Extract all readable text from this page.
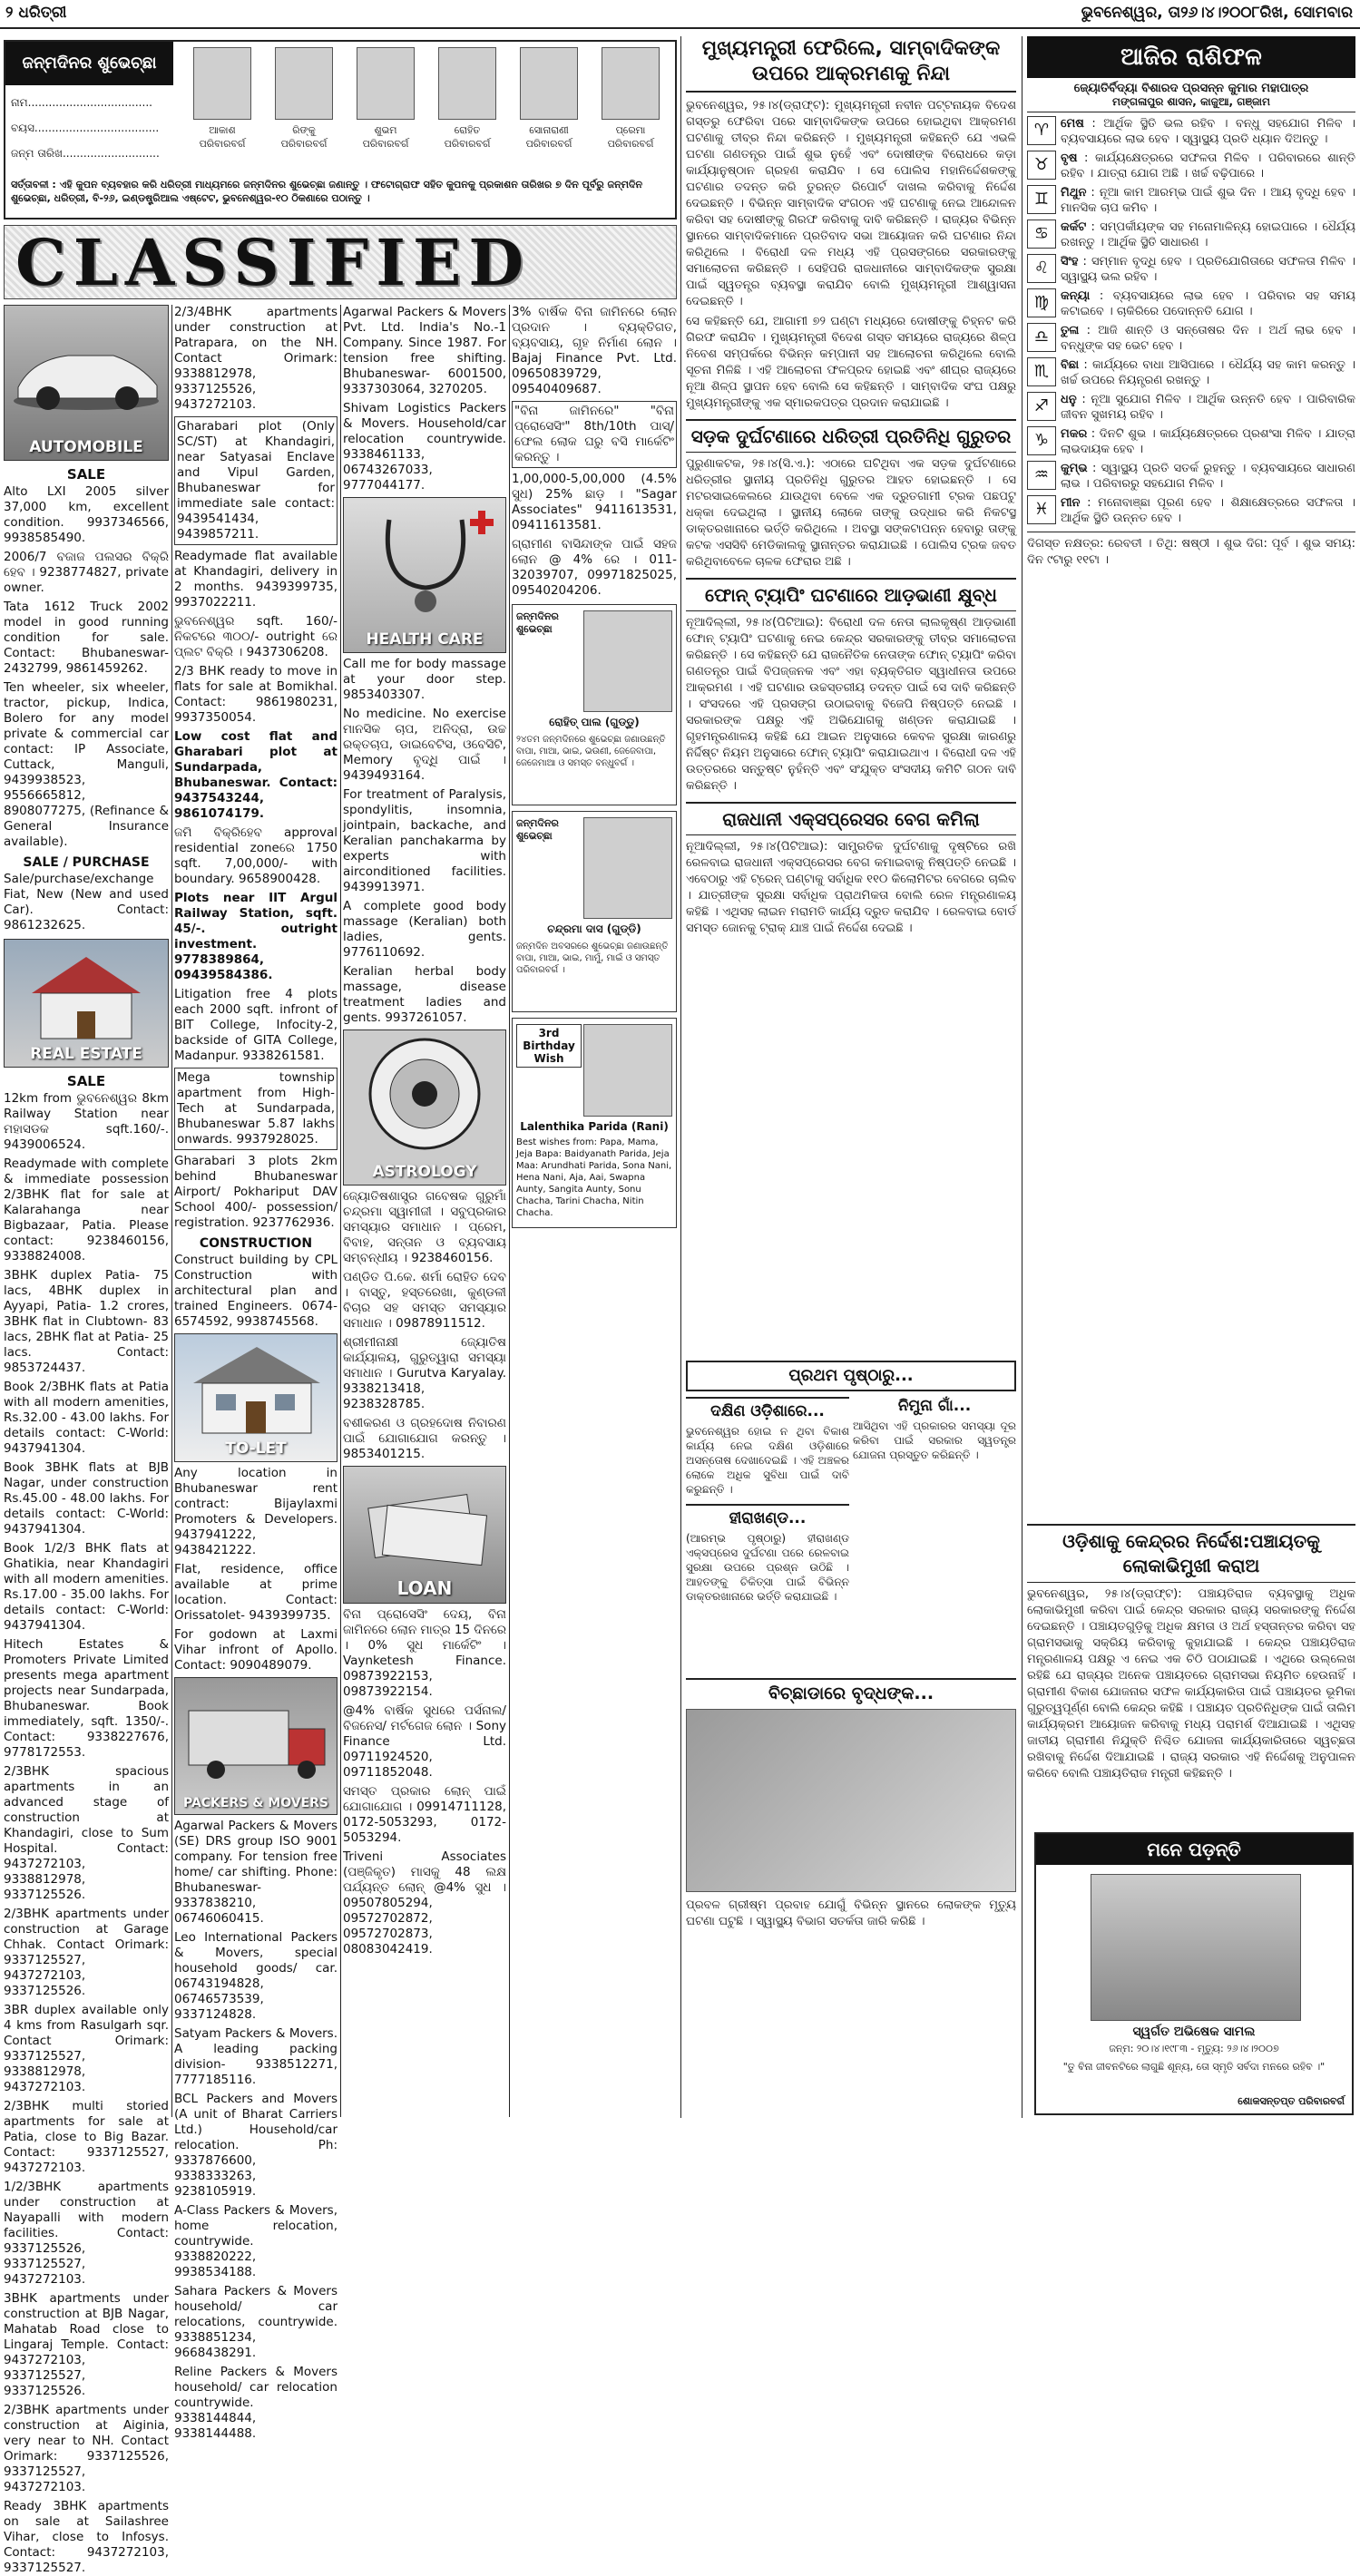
୨ ଧରିତ୍ରୀ	ଭୁବନେଶ୍ୱର, ତା୨୬।୪।୨୦୦୮ରିଖ, ସୋମବାର
ଜନ୍ମଦିନର ଶୁଭେଚ୍ଛା
ନାମ....................................
ବୟସ....................................
ଜନ୍ମ ତାରିଖ............................
ଆକାଶ
ପରିବାରବର୍ଗ
ରିଙ୍କୁ
ପରିବାରବର୍ଗ
ଶୁଭମ
ପରିବାରବର୍ଗ
ରୋହିତ
ପରିବାରବର୍ଗ
ସୋନାରାଣୀ
ପରିବାରବର୍ଗ
ପ୍ରେମା
ପରିବାରବର୍ଗ
ସର୍ତ୍ତାବଳୀ : ଏହି କୁପନ ବ୍ୟବହାର କରି ଧରିତ୍ରୀ ମାଧ୍ୟମରେ ଜନ୍ମଦିନର ଶୁଭେଚ୍ଛା ଜଣାନ୍ତୁ । ଫଟୋଗ୍ରାଫ ସହିତ କୁପନକୁ ପ୍ରକାଶନ ତାରିଖର ୭ ଦିନ ପୂର୍ବରୁ ଜନ୍ମଦିନ ଶୁଭେଚ୍ଛା, ଧରିତ୍ରୀ, ବି-୨୬, ଇଣ୍ଡଷ୍ଟ୍ରିଆଲ ଏଷ୍ଟେଟ, ଭୁବନେଶ୍ୱର-୧୦ ଠିକଣାରେ ପଠାନ୍ତୁ ।
CLASSIFIED
AUTOMOBILE
SALE
Alto LXI 2005 silver 37,000 km, excellent condition. 9937346566, 9938585490.
2006/7 ବଜାଜ ପଲସର ବିକ୍ରି ହେବ । 9238774827, private owner.
Tata 1612 Truck 2002 model in good running condition for sale. Contact: Bhubaneswar-2432799, 9861459262.
Ten wheeler, six wheeler, tractor, pickup, Indica, Bolero for any model private & commercial car contact: IP Associate, Cuttack, Manguli, 9439938523, 9556665812, 8908077275, (Refinance & General Insurance available).
SALE / PURCHASE
Sale/purchase/exchange Fiat, New (New and used Car). Contact: 9861232625.
REAL ESTATE
SALE
12km from ଭୁବନେଶ୍ୱର 8km Railway Station near ମହାସଡକ sqft.160/-. 9439006524.
Readymade with complete & immediate possession 2/3BHK flat for sale at Kalarahanga near Bigbazaar, Patia. Please contact: 9238460156, 9338824008.
3BHK duplex Patia- 75 lacs, 4BHK duplex in Ayyapi, Patia- 1.2 crores, 3BHK flat in Clubtown- 83 lacs, 2BHK flat at Patia- 25 lacs. Contact: 9853724437.
Book 2/3BHK flats at Patia with all modern amenities, Rs.32.00 - 43.00 lakhs. For details contact: C-World: 9437941304.
Book 3BHK flats at BJB Nagar, under construction Rs.45.00 - 48.00 lakhs. For details contact: C-World: 9437941304.
Book 1/2/3 BHK flats at Ghatikia, near Khandagiri with all modern amenities. Rs.17.00 - 35.00 lakhs. For details contact: C-World: 9437941304.
Hitech Estates & Promoters Private Limited presents mega apartment projects near Sundarpada, Bhubaneswar. Book immediately, sqft. 1350/-. Contact: 9338227676, 9778172553.
2/3BHK spacious apartments in an advanced stage of construction at Khandagiri, close to Sum Hospital. Contact: 9437272103, 9338812978, 9337125526.
2/3BHK apartments under construction at Garage Chhak. Contact Orimark: 9337125527, 9437272103, 9337125526.
3BR duplex available only 4 kms from Rasulgarh sqr. Contact Orimark: 9337125527, 9338812978, 9437272103.
2/3BHK multi storied apartments for sale at Patia, close to Big Bazar. Contact: 9337125527, 9437272103.
1/2/3BHK apartments under construction at Nayapalli with modern facilities. Contact: 9337125526, 9337125527, 9437272103.
3BHK apartments under construction at BJB Nagar, Mahatab Road close to Lingaraj Temple. Contact: 9437272103, 9337125527, 9337125526.
2/3BHK apartments under construction at Aiginia, very near to NH. Contact Orimark: 9337125526, 9337125527, 9437272103.
Ready 3BHK apartments on sale at Sailashree Vihar, close to Infosys. Contact: 9437272103, 9337125527.
2/3/4BHK apartments under construction at Patrapara, on the NH. Contact Orimark: 9338812978, 9337125526, 9437272103.
Gharabari plot (Only SC/ST) at Khandagiri, near Satyasai Enclave and Vipul Garden, Bhubaneswar for immediate sale contact: 9439541434, 9439857211.
Readymade flat available at Khandagiri, delivery in 2 months. 9439399735, 9937022211.
ଭୁବନେଶ୍ୱର sqft. 160/- ନିକଟରେ ୩୦୦/- outright ରେ ପ୍ଲଟ ବିକ୍ରି । 9437306208.
2/3 BHK ready to move in flats for sale at Bomikhal. Contact: 9861980231, 9937350054.
Low cost flat and Gharabari plot at Sundarpada, Bhubaneswar. Contact: 9437543244, 9861074179.
ଜମି ବିକ୍ରିହେବ approval residential zoneରେ 1750 sqft. 7,00,000/- with boundary. 9658900428.
Plots near IIT Argul Railway Station, sqft. 45/-. outright investment. 9778389864, 09439584386.
Litigation free 4 plots each 2000 sqft. infront of BIT College, Infocity-2, backside of GITA College, Madanpur. 9338261581.
Mega township apartment from High-Tech at Sundarpada, Bhubaneswar 5.87 lakhs onwards. 9937928025.
Gharabari 3 plots 2km behind Bhubaneswar Airport/ Pokhariput DAV School 400/- possession/ registration. 9237762936.
CONSTRUCTION
Construct building by CPL Construction with architectural plan and trained Engineers. 0674-6574592, 9938745568.
TO-LET
Any location in Bhubaneswar rent contract: Bijaylaxmi Promoters & Developers. 9437941222, 9438421222.
Flat, residence, office available at prime location. Contact: Orissatolet- 9439399735.
For godown at Laxmi Vihar infront of Apollo. Contact: 9090489079.
PACKERS & MOVERS
Agarwal Packers & Movers (SE) DRS group ISO 9001 company. For tension free home/ car shifting. Phone: Bhubaneswar- 9337838210, 06746060415.
Leo International Packers & Movers, special household goods/ car. 06743194828, 06746573539, 9337124828.
Satyam Packers & Movers. A leading packing division- 9338512271, 7777185116.
BCL Packers and Movers (A unit of Bharat Carriers Ltd.) Household/car relocation. Ph: 9337876600, 9338333263, 9238105919.
A-Class Packers & Movers, home relocation, countrywide. 9338820222, 9938534188.
Sahara Packers & Movers household/ car relocations, countrywide. 9338851234, 9668438291.
Reline Packers & Movers household/ car relocation countrywide. 9338144844, 9338144488.
Agarwal Packers & Movers Pvt. Ltd. India's No.-1 Company. Since 1987. For tension free shifting. Bhubaneswar- 6001500, 9337303064, 3270205.
Shivam Logistics Packers & Movers. Household/car relocation countrywide. 9338461133, 06743267033, 9777044177.
HEALTH CARE
Call me for body massage at your door step. 9853403307.
No medicine. No exercise ମାନସିକ ଚାପ, ଅନିଦ୍ରା, ଉଚ୍ଚ ରକ୍ତଚାପ, ଡାଇବେଟିସ, ଓବେସିଟି, Memory ବୃଦ୍ଧି ପାଇଁ । 9439493164.
For treatment of Paralysis, spondylitis, insomnia, jointpain, backache, and Keralian panchakarma by experts with airconditioned facilities. 9439913971.
A complete good body massage (Keralian) both ladies, gents. 9776110692.
Keralian herbal body massage, disease treatment ladies and gents. 9937261057.
ASTROLOGY
ଜ୍ୟୋତିଷଶାସ୍ତ୍ର ଗବେଷକ ଗୁରୁମାଁ ଚନ୍ଦ୍ରମା ସ୍ୱାମୀଜୀ । ସବୁପ୍ରକାର ସମସ୍ୟାର ସମାଧାନ । ପ୍ରେମ, ବିବାହ, ସନ୍ତାନ ଓ ବ୍ୟବସାୟ ସମ୍ବନ୍ଧୀୟ । 9238460156.
ପଣ୍ଡିତ ପି.କେ. ଶର୍ମା ରୋହିତ ଦେବ । ବାସ୍ତୁ, ହସ୍ତରେଖା, କୁଣ୍ଡଳୀ ବିଚାର ସହ ସମସ୍ତ ସମସ୍ୟାର ସମାଧାନ । 09878911512.
ଶ୍ରୀମୀନାକ୍ଷୀ ଜ୍ୟୋତିଷ କାର୍ଯ୍ୟାଳୟ, ଗୁରୁତ୍ୱାରା ସମସ୍ୟା ସମାଧାନ । Gurutva Karyalay. 9338213418, 9238328785.
ବଶୀକରଣ ଓ ଗ୍ରହଦୋଷ ନିବାରଣ ପାଇଁ ଯୋଗାଯୋଗ କରନ୍ତୁ । 9853401215.
LOAN
ବିନା ପ୍ରୋସେସିଂ ଦେୟ, ବିନା ଜାମିନରେ ଲୋନ ମାତ୍ର 15 ଦିନରେ । 0% ସୁଧ ମାର୍କେଟିଂ । Vaynketesh Finance. 09873922153, 09873922154.
@4% ବାର୍ଷିକ ସୁଧରେ ପର୍ସନାଲ/ ବିଜନେସ/ ମର୍ଟଗେଜ ଲୋନ । Sony Finance Ltd. 09711924520, 09711852048.
ସମସ୍ତ ପ୍ରକାର ଲୋନ୍ ପାଇଁ ଯୋଗାଯୋଗ । 09914711128, 0172-5053293, 0172-5053294.
Triveni Associates (ପଞ୍ଜିକୃତ) ମାସକୁ 48 ଲକ୍ଷ ପର୍ଯ୍ୟନ୍ତ ଲୋନ୍ @4% ସୁଧ । 09507805294, 09572702872, 09572702873, 08083042419.
3% ବାର୍ଷିକ ବିନା ଜାମିନରେ ଲୋନ ପ୍ରଦାନ । ବ୍ୟକ୍ତିଗତ, ବ୍ୟବସାୟ, ଗୃହ ନିର୍ମାଣ ଲୋନ । Bajaj Finance Pvt. Ltd. 09650839729, 09540409687.
"ବିନା ଜାମିନରେ" "ବିନା ପ୍ରୋସେସିଂ" 8th/10th ପାସ୍/ ଫେଲ ଲୋକ ଘରୁ ବସି ମାର୍କେଟିଂ କରନ୍ତୁ ।
1,00,000-5,00,000 (4.5% ସୁଧ) 25% ଛାଡ଼ । "Sagar Associates" 9411613531, 09411613581.
ଗ୍ରାମୀଣ ବାସିନ୍ଦାଙ୍କ ପାଇଁ ସହଜ ଲୋନ @ 4% ରେ । 011-32039707, 09971825025, 09540204206.
ଜନ୍ମଦିନର ଶୁଭେଚ୍ଛା
ରୋହିତ୍ ପାଲ (ଗୁଡ୍ଡୁ)
୨୪ତମ ଜନ୍ମଦିନରେ ଶୁଭେଚ୍ଛା ଜଣାଉଛନ୍ତି ବାପା, ମାଆ, ଭାଇ, ଭଉଣୀ, ଜେଜେବାପା, ଜେଜେମାଆ ଓ ସମସ୍ତ ବନ୍ଧୁବର୍ଗ ।
ଜନ୍ମଦିନର ଶୁଭେଚ୍ଛା
ଚନ୍ଦ୍ରମା ଦାସ (ଗୁଡ୍ଡି)
ଜନ୍ମଦିନ ଅବସରରେ ଶୁଭେଚ୍ଛା ଜଣାଉଛନ୍ତି ବାପା, ମାଆ, ଭାଇ, ମାମୁଁ, ମାଇଁ ଓ ସମସ୍ତ ପରିବାରବର୍ଗ ।
3rd Birthday Wish
Lalenthika Parida (Rani)
Best wishes from: Papa, Mama, Jeja Bapa: Baidyanath Parida, Jeja Maa: Arundhati Parida, Sona Nani, Hena Nani, Aja, Aai, Swapna Aunty, Sangita Aunty, Sonu Chacha, Tarini Chacha, Nitin Chacha.
ମୁଖ୍ୟମନ୍ତ୍ରୀ ଫେରିଲେ, ସାମ୍ବାଦିକଙ୍କ ଉପରେ ଆକ୍ରମଣକୁ ନିନ୍ଦା
ଭୁବନେଶ୍ୱର, ୨୫।୪(ଡ୍ରାଫ୍ଟ): ମୁଖ୍ୟମନ୍ତ୍ରୀ ନବୀନ ପଟ୍ଟନାୟକ ବିଦେଶ ଗସ୍ତରୁ ଫେରିବା ପରେ ସାମ୍ବାଦିକଙ୍କ ଉପରେ ହୋଇଥିବା ଆକ୍ରମଣ ଘଟଣାକୁ ତୀବ୍ର ନିନ୍ଦା କରିଛନ୍ତି । ମୁଖ୍ୟମନ୍ତ୍ରୀ କହିଛନ୍ତି ଯେ ଏଭଳି ଘଟଣା ଗଣତନ୍ତ୍ର ପାଇଁ ଶୁଭ ନୁହେଁ ଏବଂ ଦୋଷୀଙ୍କ ବିରୋଧରେ କଡ଼ା କାର୍ଯ୍ୟାନୁଷ୍ଠାନ ଗ୍ରହଣ କରାଯିବ । ସେ ପୋଲିସ ମହାନିର୍ଦ୍ଦେଶକଙ୍କୁ ଘଟଣାର ତଦନ୍ତ କରି ତୁରନ୍ତ ରିପୋର୍ଟ ଦାଖଲ କରିବାକୁ ନିର୍ଦ୍ଦେଶ ଦେଇଛନ୍ତି । ବିଭିନ୍ନ ସାମ୍ବାଦିକ ସଂଗଠନ ଏହି ଘଟଣାକୁ ନେଇ ଆନ୍ଦୋଳନ କରିବା ସହ ଦୋଷୀଙ୍କୁ ଗିରଫ କରିବାକୁ ଦାବି କରିଛନ୍ତି । ରାଜ୍ୟର ବିଭିନ୍ନ ସ୍ଥାନରେ ସାମ୍ବାଦିକମାନେ ପ୍ରତିବାଦ ସଭା ଆୟୋଜନ କରି ଘଟଣାର ନିନ୍ଦା କରିଥିଲେ । ବିରୋଧୀ ଦଳ ମଧ୍ୟ ଏହି ପ୍ରସଙ୍ଗରେ ସରକାରଙ୍କୁ ସମାଲୋଚନା କରିଛନ୍ତି । ସେହିପରି ରାଜଧାନୀରେ ସାମ୍ବାଦିକଙ୍କ ସୁରକ୍ଷା ପାଇଁ ସ୍ୱତନ୍ତ୍ର ବ୍ୟବସ୍ଥା କରାଯିବ ବୋଲି ମୁଖ୍ୟମନ୍ତ୍ରୀ ଆଶ୍ୱାସନା ଦେଇଛନ୍ତି ।
ସେ କହିଛନ୍ତି ଯେ, ଆଗାମୀ ୭୨ ଘଣ୍ଟା ମଧ୍ୟରେ ଦୋଷୀଙ୍କୁ ଚିହ୍ନଟ କରି ଗିରଫ କରାଯିବ । ମୁଖ୍ୟମନ୍ତ୍ରୀ ବିଦେଶ ଗସ୍ତ ସମୟରେ ରାଜ୍ୟରେ ଶିଳ୍ପ ନିବେଶ ସମ୍ପର୍କରେ ବିଭିନ୍ନ କମ୍ପାନୀ ସହ ଆଲୋଚନା କରିଥିଲେ ବୋଲି ସୂଚନା ମିଳିଛି । ଏହି ଆଲୋଚନା ଫଳପ୍ରଦ ହୋଇଛି ଏବଂ ଶୀଘ୍ର ରାଜ୍ୟରେ ନୂଆ ଶିଳ୍ପ ସ୍ଥାପନ ହେବ ବୋଲି ସେ କହିଛନ୍ତି । ସାମ୍ବାଦିକ ସଂଘ ପକ୍ଷରୁ ମୁଖ୍ୟମନ୍ତ୍ରୀଙ୍କୁ ଏକ ସ୍ମାରକପତ୍ର ପ୍ରଦାନ କରାଯାଇଛି ।
ସଡ଼କ ଦୁର୍ଘଟଣାରେ ଧରିତ୍ରୀ ପ୍ରତିନିଧି ଗୁରୁତର
ପୁରୁଣାକଟକ, ୨୫।୪(ସି.ଏ.): ଏଠାରେ ଘଟିଥିବା ଏକ ସଡ଼କ ଦୁର୍ଘଟଣାରେ ଧରିତ୍ରୀର ସ୍ଥାନୀୟ ପ୍ରତିନିଧି ଗୁରୁତର ଆହତ ହୋଇଛନ୍ତି । ସେ ମଟରସାଇକେଲରେ ଯାଉଥିବା ବେଳେ ଏକ ଦ୍ରୁତଗାମୀ ଟ୍ରକ ପଛପଟୁ ଧକ୍କା ଦେଇଥିଲା । ସ୍ଥାନୀୟ ଲୋକେ ତାଙ୍କୁ ଉଦ୍ଧାର କରି ନିକଟସ୍ଥ ଡାକ୍ତରଖାନାରେ ଭର୍ତ୍ତି କରିଥିଲେ । ଅବସ୍ଥା ସଙ୍କଟାପନ୍ନ ହେବାରୁ ତାଙ୍କୁ କଟକ ଏସସିବି ମେଡିକାଲକୁ ସ୍ଥାନାନ୍ତର କରାଯାଇଛି । ପୋଲିସ ଟ୍ରକ ଜବତ କରିଥିବାବେଳେ ଚାଳକ ଫେରାର ଅଛି ।
ଫୋନ୍ ଟ୍ୟାପିଂ ଘଟଣାରେ ଆଡ଼ଭାଣୀ କ୍ଷୁବ୍ଧ
ନୂଆଦିଲ୍ଲୀ, ୨୫।୪(ପିଟିଆଇ): ବିରୋଧୀ ଦଳ ନେତା ଲାଲକୃଷ୍ଣ ଆଡ଼ଭାଣୀ ଫୋନ୍ ଟ୍ୟାପିଂ ଘଟଣାକୁ ନେଇ କେନ୍ଦ୍ର ସରକାରଙ୍କୁ ତୀବ୍ର ସମାଲୋଚନା କରିଛନ୍ତି । ସେ କହିଛନ୍ତି ଯେ ରାଜନୈତିକ ନେତାଙ୍କ ଫୋନ୍ ଟ୍ୟାପିଂ କରିବା ଗଣତନ୍ତ୍ର ପାଇଁ ବିପଜ୍ଜନକ ଏବଂ ଏହା ବ୍ୟକ୍ତିଗତ ସ୍ୱାଧୀନତା ଉପରେ ଆକ୍ରମଣ । ଏହି ଘଟଣାର ଉଚ୍ଚସ୍ତରୀୟ ତଦନ୍ତ ପାଇଁ ସେ ଦାବି କରିଛନ୍ତି । ସଂସଦରେ ଏହି ପ୍ରସଙ୍ଗ ଉଠାଇବାକୁ ବିଜେପି ନିଷ୍ପତ୍ତି ନେଇଛି । ସରକାରଙ୍କ ପକ୍ଷରୁ ଏହି ଅଭିଯୋଗକୁ ଖଣ୍ଡନ କରାଯାଇଛି । ଗୃହମନ୍ତ୍ରଣାଳୟ କହିଛି ଯେ ଆଇନ ଅନୁସାରେ କେବଳ ସୁରକ୍ଷା କାରଣରୁ ନିର୍ଦ୍ଦିଷ୍ଟ ନିୟମ ଅନୁସାରେ ଫୋନ୍ ଟ୍ୟାପିଂ କରାଯାଇଥାଏ । ବିରୋଧୀ ଦଳ ଏହି ଉତ୍ତରରେ ସନ୍ତୁଷ୍ଟ ନୁହଁନ୍ତି ଏବଂ ସଂଯୁକ୍ତ ସଂସଦୀୟ କମିଟି ଗଠନ ଦାବି କରିଛନ୍ତି ।
ରାଜଧାନୀ ଏକ୍ସପ୍ରେସର ବେଗ କମିଲା
ନୂଆଦିଲ୍ଲୀ, ୨୫।୪(ପିଟିଆଇ): ସାମ୍ପ୍ରତିକ ଦୁର୍ଘଟଣାକୁ ଦୃଷ୍ଟିରେ ରଖି ରେଳବାଇ ରାଜଧାନୀ ଏକ୍ସପ୍ରେସର ବେଗ କମାଇବାକୁ ନିଷ୍ପତ୍ତି ନେଇଛି । ଏବେଠାରୁ ଏହି ଟ୍ରେନ୍ ଘଣ୍ଟାକୁ ସର୍ବାଧିକ ୧୧୦ କିଲୋମିଟର ବେଗରେ ଚାଲିବ । ଯାତ୍ରୀଙ୍କ ସୁରକ୍ଷା ସର୍ବାଧିକ ପ୍ରାଥମିକତା ବୋଲି ରେଳ ମନ୍ତ୍ରଣାଳୟ କହିଛି । ଏଥିସହ ଲାଇନ ମରାମତି କାର୍ଯ୍ୟ ଦ୍ରୁତ କରାଯିବ । ରେଳବାଇ ବୋର୍ଡ ସମସ୍ତ ଜୋନକୁ ଟ୍ରାକ୍ ଯାଞ୍ଚ ପାଇଁ ନିର୍ଦ୍ଦେଶ ଦେଇଛି ।
ଦକ୍ଷିଣ ଓଡ଼ିଶାରେ...
ଭୁବନେଶ୍ୱର ହୋଇ ନ ଥିବା ବିକାଶ କାର୍ଯ୍ୟ ନେଇ ଦକ୍ଷିଣ ଓଡ଼ିଶାରେ ଅସନ୍ତୋଷ ଦେଖାଦେଇଛି । ଏହି ଅଞ୍ଚଳର ଲୋକେ ଅଧିକ ସୁବିଧା ପାଇଁ ଦାବି କରୁଛନ୍ତି ।
ହୀରାଖଣ୍ଡ...
(ଆରମ୍ଭ ପୃଷ୍ଠାରୁ) ହୀରାଖଣ୍ଡ ଏକ୍ସପ୍ରେସ ଦୁର୍ଘଟଣା ପରେ ରେଳବାଇ ସୁରକ୍ଷା ଉପରେ ପ୍ରଶ୍ନ ଉଠିଛି । ଆହତଙ୍କୁ ଚିକିତ୍ସା ପାଇଁ ବିଭିନ୍ନ ଡାକ୍ତରଖାନାରେ ଭର୍ତ୍ତି କରାଯାଇଛି ।
ପ୍ରଥମ ପୃଷ୍ଠାରୁ...
ନିମୁନା ଗାଁ...
ଆସିଥିବା ଏହି ପ୍ରକାରର ସମସ୍ୟା ଦୂର କରିବା ପାଇଁ ସରକାର ସ୍ୱତନ୍ତ୍ର ଯୋଜନା ପ୍ରସ୍ତୁତ କରିଛନ୍ତି ।
ବିଚ୍ଛାଡାରେ ବୃଦ୍ଧଙ୍କ...
ପ୍ରବଳ ଗ୍ରୀଷ୍ମ ପ୍ରବାହ ଯୋଗୁଁ ବିଭିନ୍ନ ସ୍ଥାନରେ ଲୋକଙ୍କ ମୃତ୍ୟୁ ଘଟଣା ଘଟୁଛି । ସ୍ୱାସ୍ଥ୍ୟ ବିଭାଗ ସତର୍କତା ଜାରି କରିଛି ।
ଆଜିର ରାଶିଫଳ
ଜ୍ୟୋତିର୍ବିଦ୍ୟା ବିଶାରଦ ପ୍ରସନ୍ନ କୁମାର ମହାପାତ୍ର
ମଙ୍ଗଳାପୁର ଶାସନ, କାଜୁଆ, ଗଞ୍ଜାମ
♈ ମେଷ : ଆର୍ଥିକ ସ୍ଥିତି ଭଲ ରହିବ । ବନ୍ଧୁ ସହଯୋଗ ମିଳିବ । ବ୍ୟବସାୟରେ ଲାଭ ହେବ । ସ୍ୱାସ୍ଥ୍ୟ ପ୍ରତି ଧ୍ୟାନ ଦିଅନ୍ତୁ ।
♉ ବୃଷ : କାର୍ଯ୍ୟକ୍ଷେତ୍ରରେ ସଫଳତା ମିଳିବ । ପରିବାରରେ ଶାନ୍ତି ରହିବ । ଯାତ୍ରା ଯୋଗ ଅଛି । ଖର୍ଚ୍ଚ ବଢ଼ିପାରେ ।
♊ ମିଥୁନ : ନୂଆ କାମ ଆରମ୍ଭ ପାଇଁ ଶୁଭ ଦିନ । ଆୟ ବୃଦ୍ଧି ହେବ । ମାନସିକ ଚାପ କମିବ ।
♋ କର୍କଟ : ସମ୍ପର୍କୀୟଙ୍କ ସହ ମନୋମାଳିନ୍ୟ ହୋଇପାରେ । ଧୈର୍ଯ୍ୟ ରଖନ୍ତୁ । ଆର୍ଥିକ ସ୍ଥିତି ସାଧାରଣ ।
♌ ସିଂହ : ସମ୍ମାନ ବୃଦ୍ଧି ହେବ । ପ୍ରତିଯୋଗିତାରେ ସଫଳତା ମିଳିବ । ସ୍ୱାସ୍ଥ୍ୟ ଭଲ ରହିବ ।
♍ କନ୍ୟା : ବ୍ୟବସାୟରେ ଲାଭ ହେବ । ପରିବାର ସହ ସମୟ କଟାଇବେ । ଚାକିରିରେ ପଦୋନ୍ନତି ଯୋଗ ।
♎ ତୁଳା : ଆଜି ଶାନ୍ତି ଓ ସନ୍ତୋଷର ଦିନ । ଅର୍ଥ ଲାଭ ହେବ । ବନ୍ଧୁଙ୍କ ସହ ଭେଟ ହେବ ।
♏ ବିଛା : କାର୍ଯ୍ୟରେ ବାଧା ଆସିପାରେ । ଧୈର୍ଯ୍ୟ ସହ କାମ କରନ୍ତୁ । ଖର୍ଚ୍ଚ ଉପରେ ନିୟନ୍ତ୍ରଣ ରଖନ୍ତୁ ।
♐ ଧନୁ : ନୂଆ ସୁଯୋଗ ମିଳିବ । ଆର୍ଥିକ ଉନ୍ନତି ହେବ । ପାରିବାରିକ ଜୀବନ ସୁଖମୟ ରହିବ ।
♑ ମକର : ଦିନଟି ଶୁଭ । କାର୍ଯ୍ୟକ୍ଷେତ୍ରରେ ପ୍ରଶଂସା ମିଳିବ । ଯାତ୍ରା ଲାଭଦାୟକ ହେବ ।
♒ କୁମ୍ଭ : ସ୍ୱାସ୍ଥ୍ୟ ପ୍ରତି ସତର୍କ ରୁହନ୍ତୁ । ବ୍ୟବସାୟରେ ସାଧାରଣ ଲାଭ । ପରିବାରରୁ ସହଯୋଗ ମିଳିବ ।
♓ ମୀନ : ମନୋବାଞ୍ଛା ପୂରଣ ହେବ । ଶିକ୍ଷାକ୍ଷେତ୍ରରେ ସଫଳତା । ଆର୍ଥିକ ସ୍ଥିତି ଉନ୍ନତ ହେବ ।
ଦିଗସ୍ତ ନକ୍ଷତ୍ର: ରେବତୀ । ତିଥି: ଷଷ୍ଠୀ । ଶୁଭ ଦିଗ: ପୂର୍ବ । ଶୁଭ ସମୟ: ଦିନ ୯ଟାରୁ ୧୧ଟା ।
ଓଡ଼ିଶାକୁ କେନ୍ଦ୍ରର ନିର୍ଦ୍ଦେଶ:ପଞ୍ଚାୟତକୁ ଲୋକାଭିମୁଖୀ କରାଅ
ଭୁବନେଶ୍ୱର, ୨୫।୪(ଡ୍ରାଫ୍ଟ): ପଞ୍ଚାୟତିରାଜ ବ୍ୟବସ୍ଥାକୁ ଅଧିକ ଲୋକାଭିମୁଖୀ କରିବା ପାଇଁ କେନ୍ଦ୍ର ସରକାର ରାଜ୍ୟ ସରକାରଙ୍କୁ ନିର୍ଦ୍ଦେଶ ଦେଇଛନ୍ତି । ପଞ୍ଚାୟତଗୁଡ଼ିକୁ ଅଧିକ କ୍ଷମତା ଓ ଅର୍ଥ ହସ୍ତାନ୍ତର କରିବା ସହ ଗ୍ରାମସଭାକୁ ସକ୍ରିୟ କରିବାକୁ କୁହାଯାଇଛି । କେନ୍ଦ୍ର ପଞ୍ଚାୟତିରାଜ ମନ୍ତ୍ରଣାଳୟ ପକ୍ଷରୁ ଏ ନେଇ ଏକ ଚିଠି ପଠାଯାଇଛି । ଏଥିରେ ଉଲ୍ଲେଖ ରହିଛି ଯେ ରାଜ୍ୟର ଅନେକ ପଞ୍ଚାୟତରେ ଗ୍ରାମସଭା ନିୟମିତ ହେଉନାହିଁ । ଗ୍ରାମୀଣ ବିକାଶ ଯୋଜନାର ସଫଳ କାର୍ଯ୍ୟକାରିତା ପାଇଁ ପଞ୍ଚାୟତର ଭୂମିକା ଗୁରୁତ୍ୱପୂର୍ଣ୍ଣ ବୋଲି କେନ୍ଦ୍ର କହିଛି । ପଞ୍ଚାୟତ ପ୍ରତିନିଧିଙ୍କ ପାଇଁ ତାଲିମ କାର୍ଯ୍ୟକ୍ରମ ଆୟୋଜନ କରିବାକୁ ମଧ୍ୟ ପରାମର୍ଶ ଦିଆଯାଇଛି । ଏଥିସହ ଜାତୀୟ ଗ୍ରାମୀଣ ନିଯୁକ୍ତି ନିଶ୍ଚିତ ଯୋଜନା କାର୍ଯ୍ୟକାରିତାରେ ସ୍ୱଚ୍ଛତା ରଖିବାକୁ ନିର୍ଦ୍ଦେଶ ଦିଆଯାଇଛି । ରାଜ୍ୟ ସରକାର ଏହି ନିର୍ଦ୍ଦେଶକୁ ଅନୁପାଳନ କରିବେ ବୋଲି ପଞ୍ଚାୟତିରାଜ ମନ୍ତ୍ରୀ କହିଛନ୍ତି ।
ମନେ ପଡ଼ନ୍ତି
ସ୍ୱର୍ଗତ ଅଭିଷେକ ସାମଲ
ଜନ୍ମ: ୨୦।୪।୧୯୮୩ - ମୃତ୍ୟୁ: ୨୬।୪।୨୦୦୭
"ତୁ ବିନା ଜୀବନଟିରେ ଲାଗୁଛି ଶୂନ୍ୟ, ତୋ ସ୍ମୃତି ସର୍ବଦା ମନରେ ରହିବ ।"
ଶୋକସନ୍ତପ୍ତ ପରିବାରବର୍ଗ
